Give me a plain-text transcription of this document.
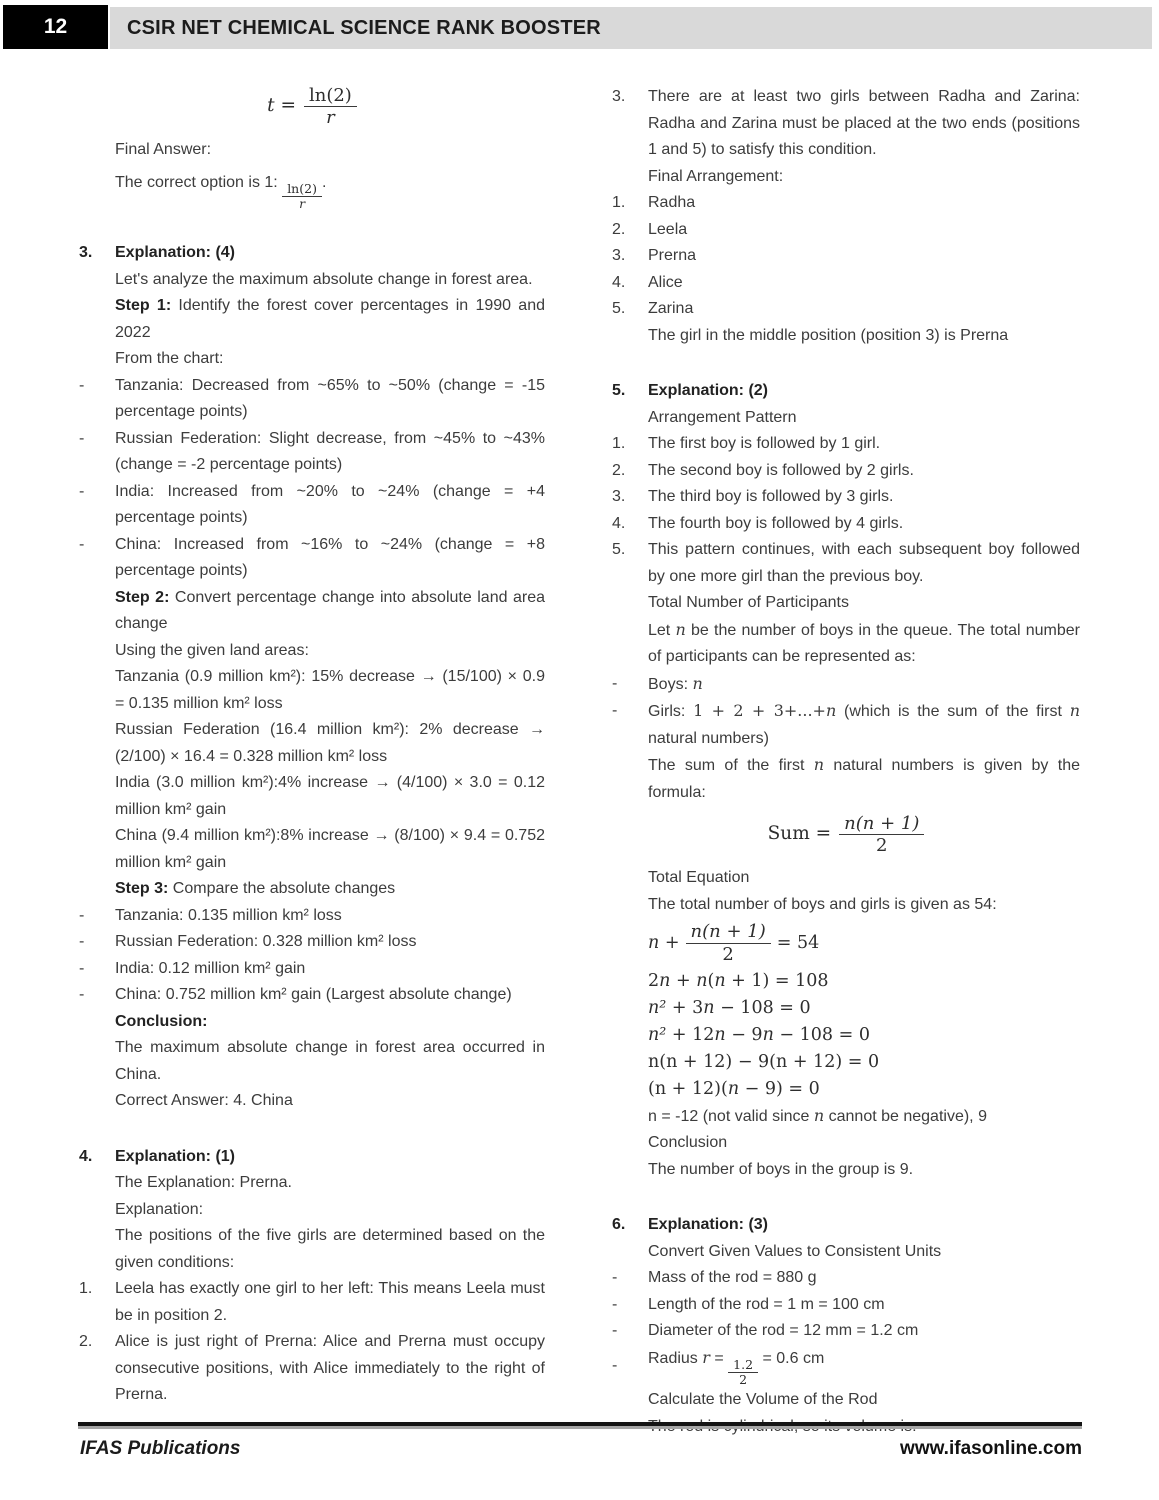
12	CSIR NET CHEMICAL SCIENCE RANK BOOSTER
$t = \frac{\ln(2)}{r}$

Final Answer:

The correct option is 1: $\frac{\ln(2)}{r}$ .

3.	Explanation: (4)

Let's analyze the maximum absolute change in forest area.

Step 1: Identify the forest cover percentages in 1990 and 2022

From the chart:

-	Tanzania: Decreased from ~65% to ~50% (change = -15 percentage points)

-	Russian Federation: Slight decrease, from ~45% to ~43% (change = -2 percentage points)

-	India: Increased from ~20% to ~24% (change = +4 percentage points)

-	China: Increased from ~16% to ~24% (change = +8 percentage points)

Step 2: Convert percentage change into absolute land area change

Using the given land areas:

Tanzania (0.9 million km²): 15% decrease → (15/100) × 0.9 = 0.135 million km² loss

Russian Federation (16.4 million km²): 2% decrease → (2/100) × 16.4 = 0.328 million km² loss

India (3.0 million km²):4% increase → (4/100) × 3.0 = 0.12 million km² gain

China (9.4 million km²):8% increase → (8/100) × 9.4 = 0.752 million km² gain

Step 3: Compare the absolute changes

-	Tanzania: 0.135 million km² loss

-	Russian Federation: 0.328 million km² loss

-	India: 0.12 million km² gain

-	China: 0.752 million km² gain (Largest absolute change)

Conclusion:

The maximum absolute change in forest area occurred in China.

Correct Answer: 4. China

4.	Explanation: (1)

The Explanation: Prerna.

Explanation:

The positions of the five girls are determined based on the given conditions:

1.	Leela has exactly one girl to her left: This means Leela must be in position 2.

2.	Alice is just right of Prerna: Alice and Prerna must occupy consecutive positions, with Alice immediately to the right of Prerna.

3.	There are at least two girls between Radha and Zarina: Radha and Zarina must be placed at the two ends (positions 1 and 5) to satisfy this condition.

Final Arrangement:

1.	Radha

2.	Leela

3.	Prerna

4.	Alice

5.	Zarina

The girl in the middle position (position 3) is Prerna

5.	Explanation: (2)

Arrangement Pattern

1.	The first boy is followed by 1 girl.

2.	The second boy is followed by 2 girls.

3.	The third boy is followed by 3 girls.

4.	The fourth boy is followed by 4 girls.

5.	This pattern continues, with each subsequent boy followed by one more girl than the previous boy.

Total Number of Participants

Let n be the number of boys in the queue. The total number of participants can be represented as:

-	Boys: n

-	Girls: 1 + 2 + 3+...+n (which is the sum of the first n natural numbers)

The sum of the first n natural numbers is given by the formula:

Sum = $\frac{n(n + 1)}{2}$

Total Equation

The total number of boys and girls is given as 54:

$n + \frac{n(n + 1)}{2} = 54$
2n + n(n + 1) = 108
n² + 3n − 108 = 0
n² + 12n − 9n − 108 = 0
n(n + 12) − 9(n + 12) = 0
(n + 12)(n − 9) = 0

n = -12 (not valid since n cannot be negative), 9

Conclusion

The number of boys in the group is 9.

6.	Explanation: (3)

Convert Given Values to Consistent Units

-	Mass of the rod = 880 g

-	Length of the rod = 1 m = 100 cm

-	Diameter of the rod = 12 mm = 1.2 cm

-	Radius $r = \frac{1.2}{2} = 0.6$ cm

Calculate the Volume of the Rod

The rod is cylindrical, so its volume is:

IFAS Publications	www.ifasonline.com
